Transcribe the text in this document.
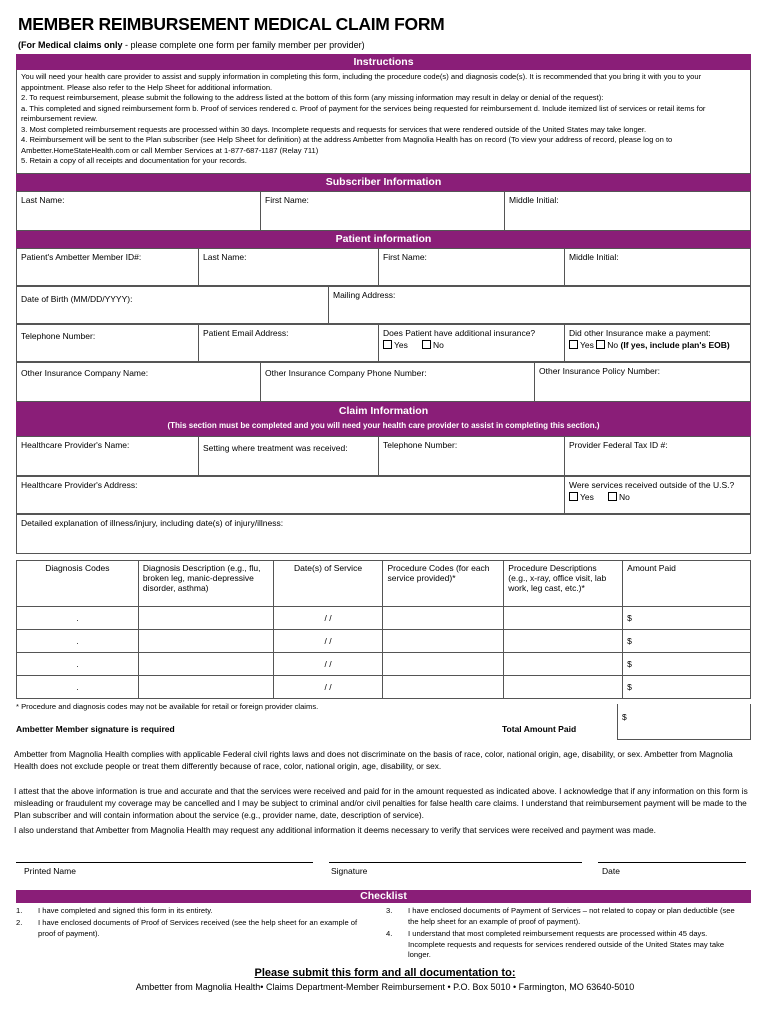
MEMBER REIMBURSEMENT MEDICAL CLAIM FORM
(For Medical claims only - please complete one form per family member per provider)
Instructions

You will need your health care provider to assist and supply information in completing this form, including the procedure code(s) and diagnosis code(s). It is recommended that you bring it with you to your appointment. Please also refer to the Help Sheet for additional information.

2. To request reimbursement, please submit the following to the address listed at the bottom of this form (any missing information may result in delay or denial of the request):

a. This completed and signed reimbursement form b. Proof of services rendered c. Proof of payment for the services being requested for reimbursement d. Include itemized list of services or retail items for reimbursement review.

3. Most completed reimbursement requests are processed within 30 days. Incomplete requests and requests for services that were rendered outside of the United States may take longer.

4. Reimbursement will be sent to the Plan subscriber (see Help Sheet for definition) at the address Ambetter from Magnolia Health has on record (To view your address of record, please log on to Ambetter.HomeStateHealth.com or call Member Services at 1-877-687-1187 (Relay 711)

5. Retain a copy of all receipts and documentation for your records.

Subscriber Information
Last Name:	First Name:	Middle Initial:
Patient information
Patient's Ambetter Member ID#:	Last Name:	First Name:	Middle Initial:
Date of Birth (MM/DD/YYYY):	Mailing Address:
Telephone Number:	Patient Email Address:	Does Patient have additional insurance?
Yes	No
Did other Insurance make a payment:
Yes No (If yes, include plan's EOB)
Other Insurance Company Name:	Other Insurance Company Phone Number:	Other Insurance Policy Number:
Claim Information
(This section must be completed and you will need your health care provider to assist in completing this section.)
Healthcare Provider's Name:	Setting where treatment was received:	Telephone Number:	Provider Federal Tax ID #:
Healthcare Provider's Address:	Were services received outside of the U.S.?
Yes	No
Detailed explanation of illness/injury, including date(s) of injury/illness:
Diagnosis Codes	Diagnosis Description (e.g., flu, broken leg, manic-depressive disorder, asthma)	Date(s) of Service	Procedure Codes (for each service provided)*	Procedure Descriptions (e.g., x-ray, office visit, lab work, leg cast, etc.)*	Amount Paid
.		/ /			$
.		/ /			$
.		/ /			$
.		/ /			$
* Procedure and diagnosis codes may not be available for retail or foreign provider claims.
Ambetter Member signature is required	Total Amount Paid
$
Ambetter from Magnolia Health complies with applicable Federal civil rights laws and does not discriminate on the basis of race, color, national origin, age, disability, or sex. Ambetter from Magnolia Health does not exclude people or treat them differently because of race, color, national origin, age, disability, or sex.
I attest that the above information is true and accurate and that the services were received and paid for in the amount requested as indicated above. I acknowledge that if any information on this form is misleading or fraudulent my coverage may be cancelled and I may be subject to criminal and/or civil penalties for false health care claims. I understand that reimbursement payment will be made to the Plan subscriber and will contain information about the service (e.g., provider name, date, description of service).
I also understand that Ambetter from Magnolia Health may request any additional information it deems necessary to verify that services were received and payment was made.
Printed Name	Signature	Date
Checklist
1. I have completed and signed this form in its entirety.
2. I have enclosed documents of Proof of Services received (see the help sheet for an example of proof of payment).
3. I have enclosed documents of Payment of Services – not related to copay or plan deductible (see the help sheet for an example of proof of payment).
4. I understand that most completed reimbursement requests are processed within 45 days. Incomplete requests and requests for services rendered outside of the United States may take longer.
Please submit this form and all documentation to:
Ambetter from Magnolia Health• Claims Department-Member Reimbursement • P.O. Box 5010 • Farmington, MO 63640-5010
